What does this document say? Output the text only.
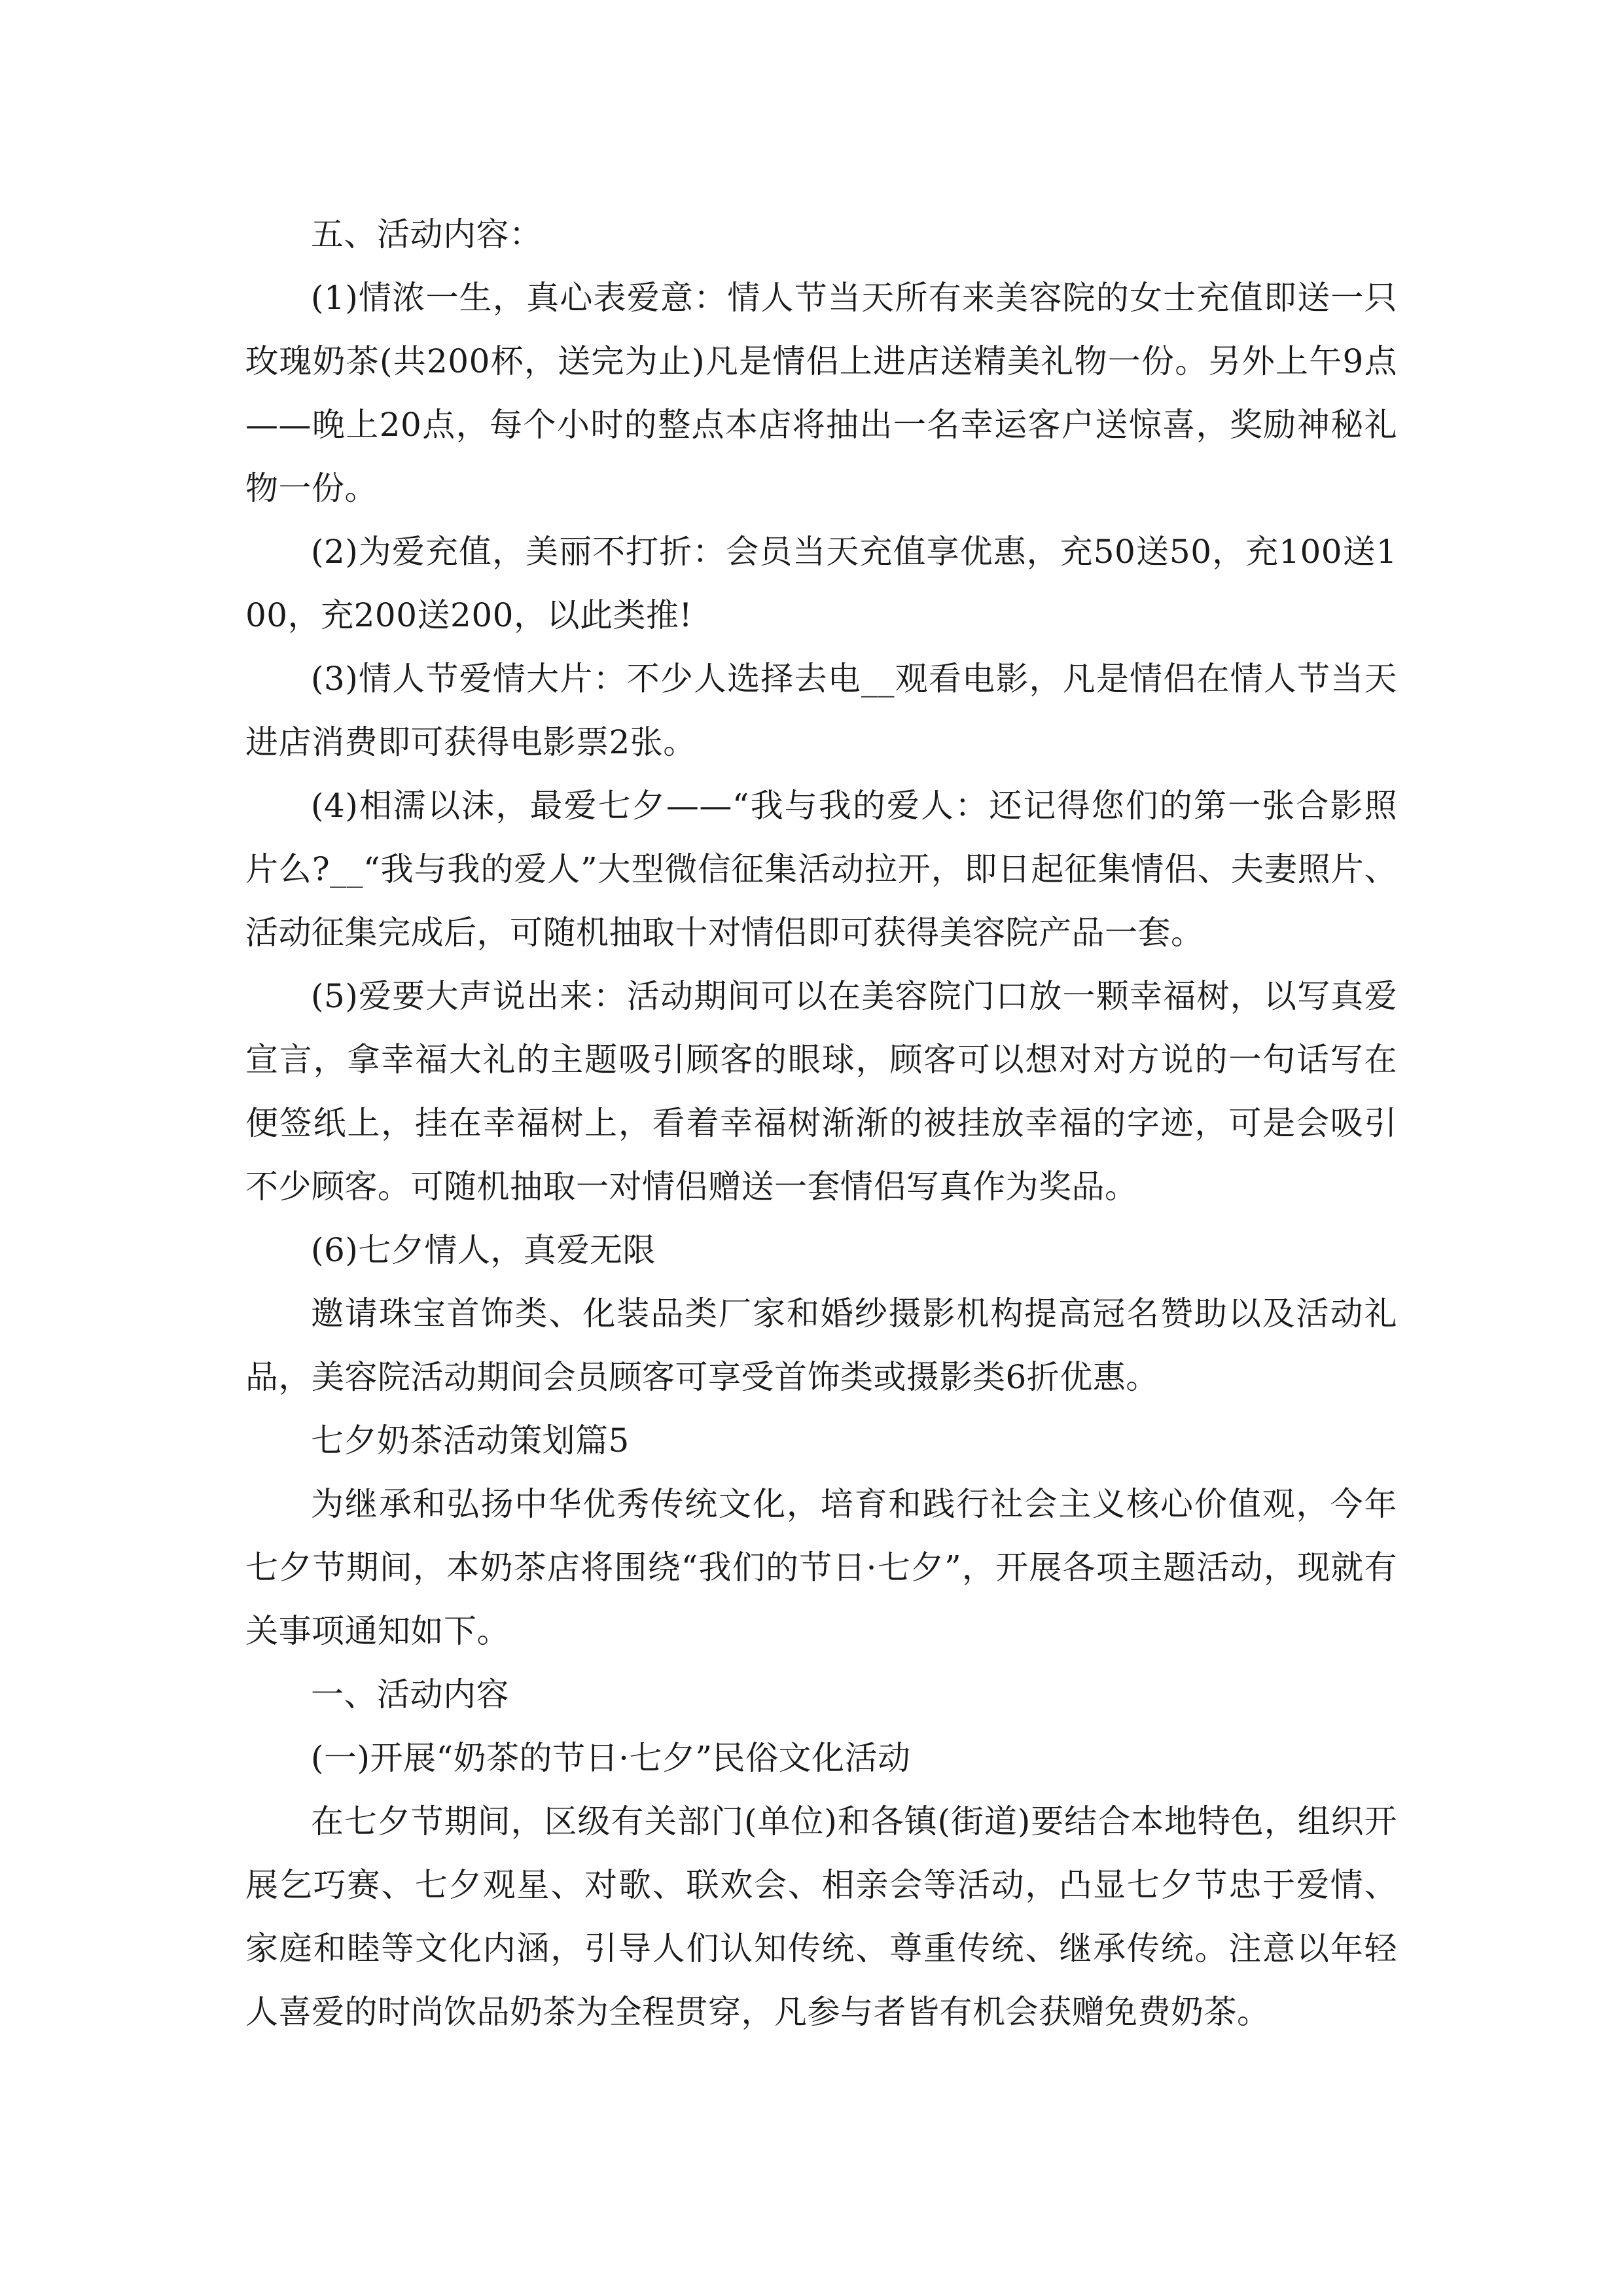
五、活动内容：

(1)情浓一生，真心表爱意：情人节当天所有来美容院的女士充值即送一只玫瑰奶茶(共200杯，送完为止)凡是情侣上进店送精美礼物一份。另外上午9点——晚上20点，每个小时的整点本店将抽出一名幸运客户送惊喜，奖励神秘礼物一份。

(2)为爱充值，美丽不打折：会员当天充值享优惠，充50送50，充100送100，充200送200，以此类推!

(3)情人节爱情大片：不少人选择去电__观看电影，凡是情侣在情人节当天进店消费即可获得电影票2张。

(4)相濡以沫，最爱七夕——“我与我的爱人：还记得您们的第一张合影照片么?__“我与我的爱人”大型微信征集活动拉开，即日起征集情侣、夫妻照片、活动征集完成后，可随机抽取十对情侣即可获得美容院产品一套。

(5)爱要大声说出来：活动期间可以在美容院门口放一颗幸福树，以写真爱宣言，拿幸福大礼的主题吸引顾客的眼球，顾客可以想对对方说的一句话写在便签纸上，挂在幸福树上，看着幸福树渐渐的被挂放幸福的字迹，可是会吸引不少顾客。可随机抽取一对情侣赠送一套情侣写真作为奖品。

(6)七夕情人，真爱无限

邀请珠宝首饰类、化装品类厂家和婚纱摄影机构提高冠名赞助以及活动礼品，美容院活动期间会员顾客可享受首饰类或摄影类6折优惠。

七夕奶茶活动策划篇5

为继承和弘扬中华优秀传统文化，培育和践行社会主义核心价值观，今年七夕节期间，本奶茶店将围绕“我们的节日·七夕”，开展各项主题活动，现就有关事项通知如下。

一、活动内容

(一)开展“奶茶的节日·七夕”民俗文化活动

在七夕节期间，区级有关部门(单位)和各镇(街道)要结合本地特色，组织开展乞巧赛、七夕观星、对歌、联欢会、相亲会等活动，凸显七夕节忠于爱情、家庭和睦等文化内涵，引导人们认知传统、尊重传统、继承传统。注意以年轻人喜爱的时尚饮品奶茶为全程贯穿，凡参与者皆有机会获赠免费奶茶。
